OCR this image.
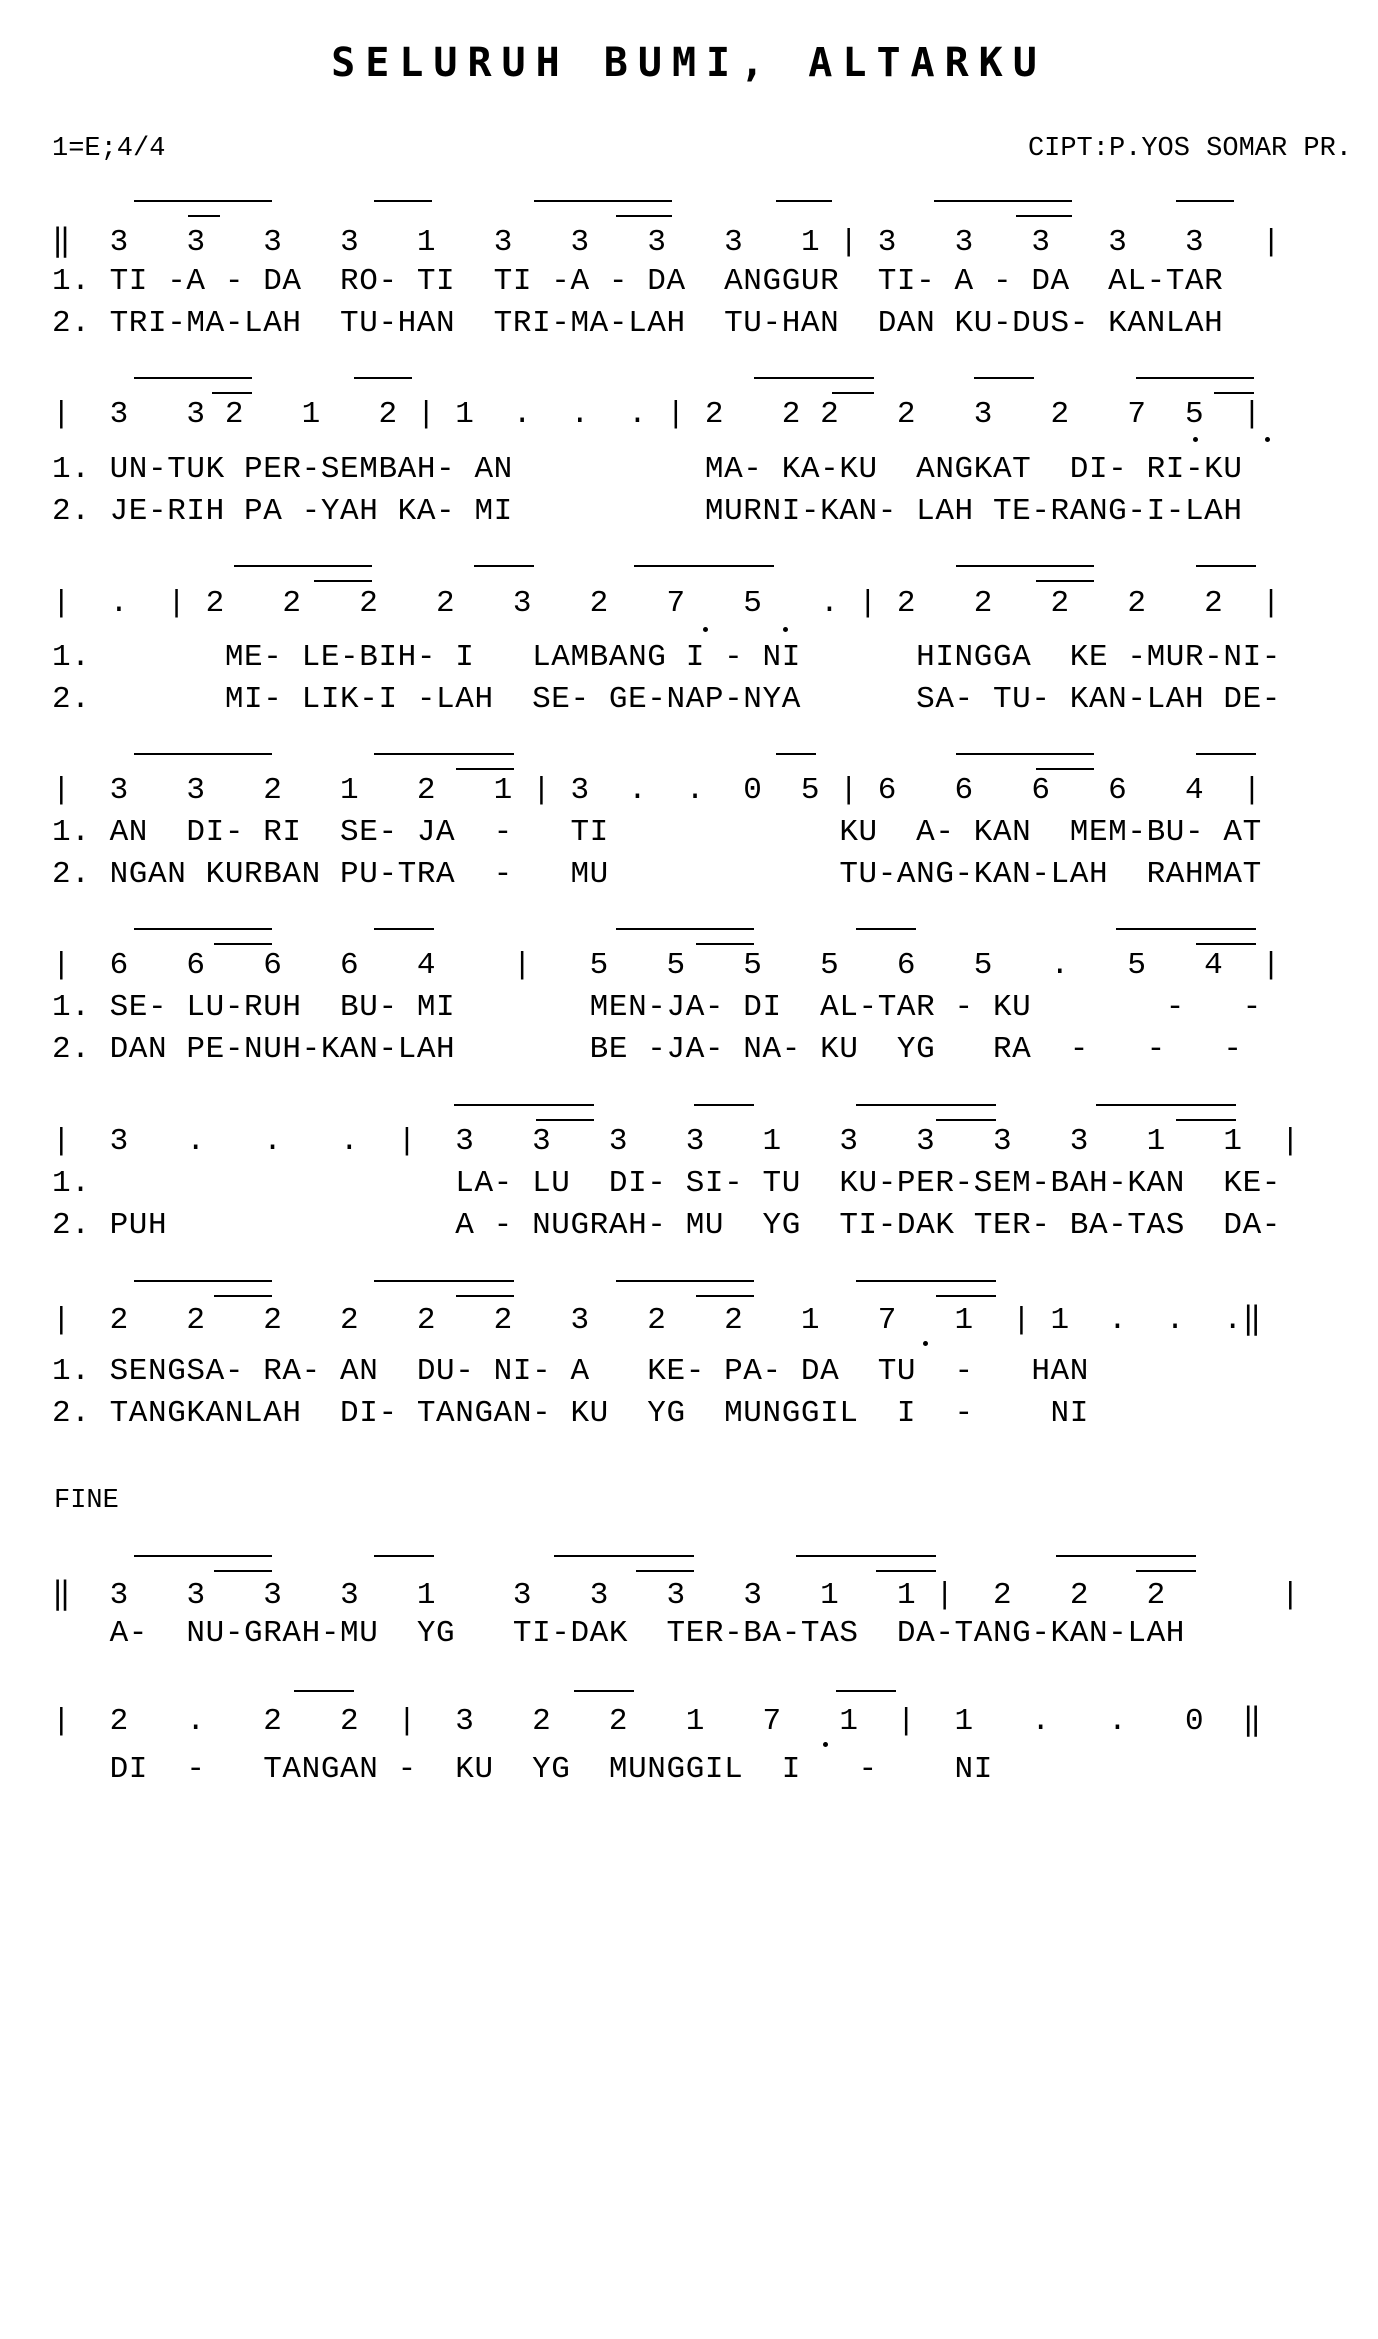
SELURUH BUMI, ALTARKU
1=E;4/4	CIPT:P.YOS SOMAR PR.
‖  3   3   3   3   1   3   3   3   3   1 | 3   3   3   3   3   |
1. TI -A - DA  RO- TI  TI -A - DA  ANGGUR  TI- A - DA  AL-TAR
2. TRI-MA-LAH  TU-HAN  TRI-MA-LAH  TU-HAN  DAN KU-DUS- KANLAH
|  3   3 2   1   2 | 1  .  .  . | 2   2 2   2   3   2   7  5  |
1. UN-TUK PER-SEMBAH- AN          MA- KA-KU  ANGKAT  DI- RI-KU
2. JE-RIH PA -YAH KA- MI          MURNI-KAN- LAH TE-RANG-I-LAH
|  .  | 2   2   2   2   3   2   7   5   . | 2   2   2   2   2  |
1.       ME- LE-BIH- I   LAMBANG I - NI      HINGGA  KE -MUR-NI-
2.       MI- LIK-I -LAH  SE- GE-NAP-NYA      SA- TU- KAN-LAH DE-
|  3   3   2   1   2   1 | 3  .  .  0  5 | 6   6   6   6   4  |
1. AN  DI- RI  SE- JA  -   TI            KU  A- KAN  MEM-BU- AT
2. NGAN KURBAN PU-TRA  -   MU            TU-ANG-KAN-LAH  RAHMAT
|  6   6   6   6   4    |   5   5   5   5   6   5   .   5   4  |
1. SE- LU-RUH  BU- MI       MEN-JA- DI  AL-TAR - KU       -   -
2. DAN PE-NUH-KAN-LAH       BE -JA- NA- KU  YG   RA  -   -   -
|  3   .   .   .  |  3   3   3   3   1   3   3   3   3   1   1  |
1.                   LA- LU  DI- SI- TU  KU-PER-SEM-BAH-KAN  KE-
2. PUH               A - NUGRAH- MU  YG  TI-DAK TER- BA-TAS  DA-
|  2   2   2   2   2   2   3   2   2   1   7   1  | 1  .  .  .‖
1. SENGSA- RA- AN  DU- NI- A   KE- PA- DA  TU  -   HAN
2. TANGKANLAH  DI- TANGAN- KU  YG  MUNGGIL  I  -    NI
FINE
‖  3   3   3   3   1    3   3   3   3   1   1 |  2   2   2      |
A-  NU-GRAH-MU  YG   TI-DAK  TER-BA-TAS  DA-TANG-KAN-LAH
|  2   .   2   2  |  3   2   2   1   7   1  |  1   .   .   0  ‖
DI  -   TANGAN -  KU  YG  MUNGGIL  I   -    NI
